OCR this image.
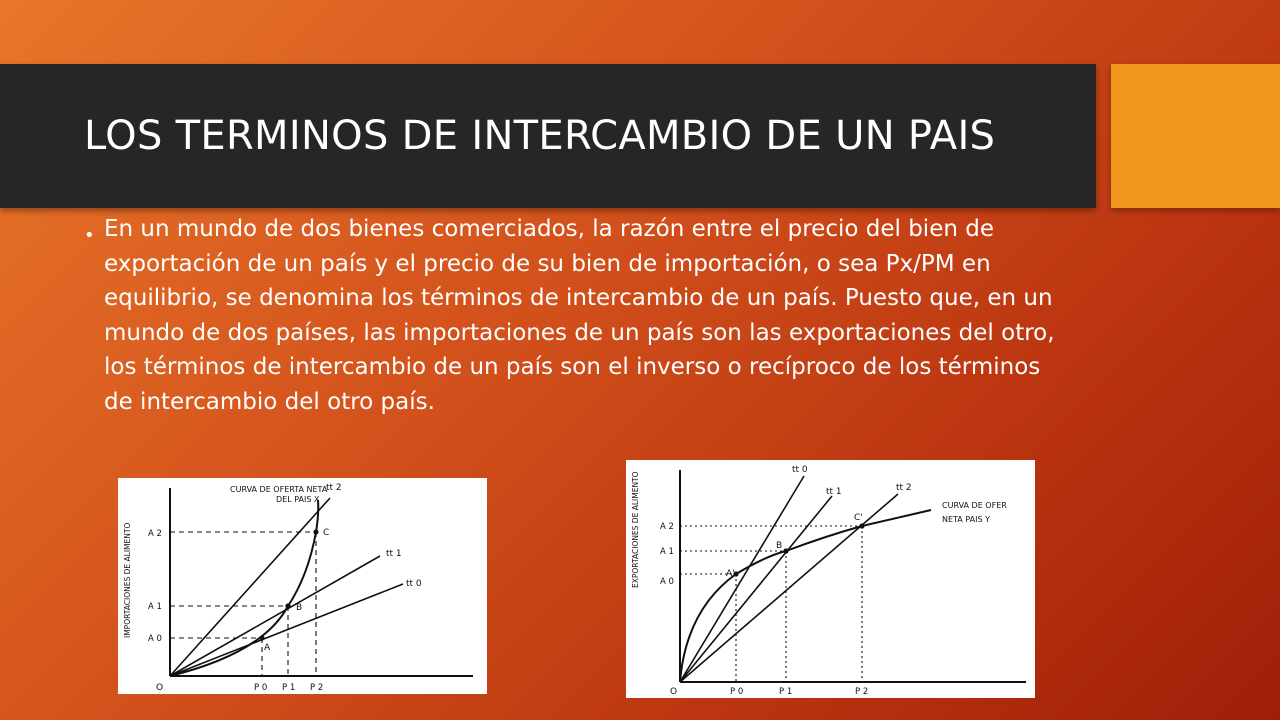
LOS TERMINOS DE INTERCAMBIO DE UN PAIS
• En un mundo de dos bienes comerciados, la razón entre el precio del bien de exportación de un país y el precio de su bien de importación, o sea Px/PM en equilibrio, se denomina los términos de intercambio de un país. Puesto que, en un mundo de dos países, las importaciones de un país son las exportaciones del otro, los términos de intercambio de un país son el inverso o recíproco de los términos de intercambio del otro país.
CURVA DE OFERTA NETA
DEL PAIS X
tt 2
tt 1
tt 0
C
B
A
A 2
A 1
A 0
O	P 0 P 1 P 2
IMPORTACIONES DE ALIMENTO
tt 0
tt 1	tt 2
CURVA DE OFER
NETA PAIS Y
C'
B
A'
A 2
A 1
A 0
O	P 0	P 1	P 2
EXPORTACIONES DE ALIMENTO
